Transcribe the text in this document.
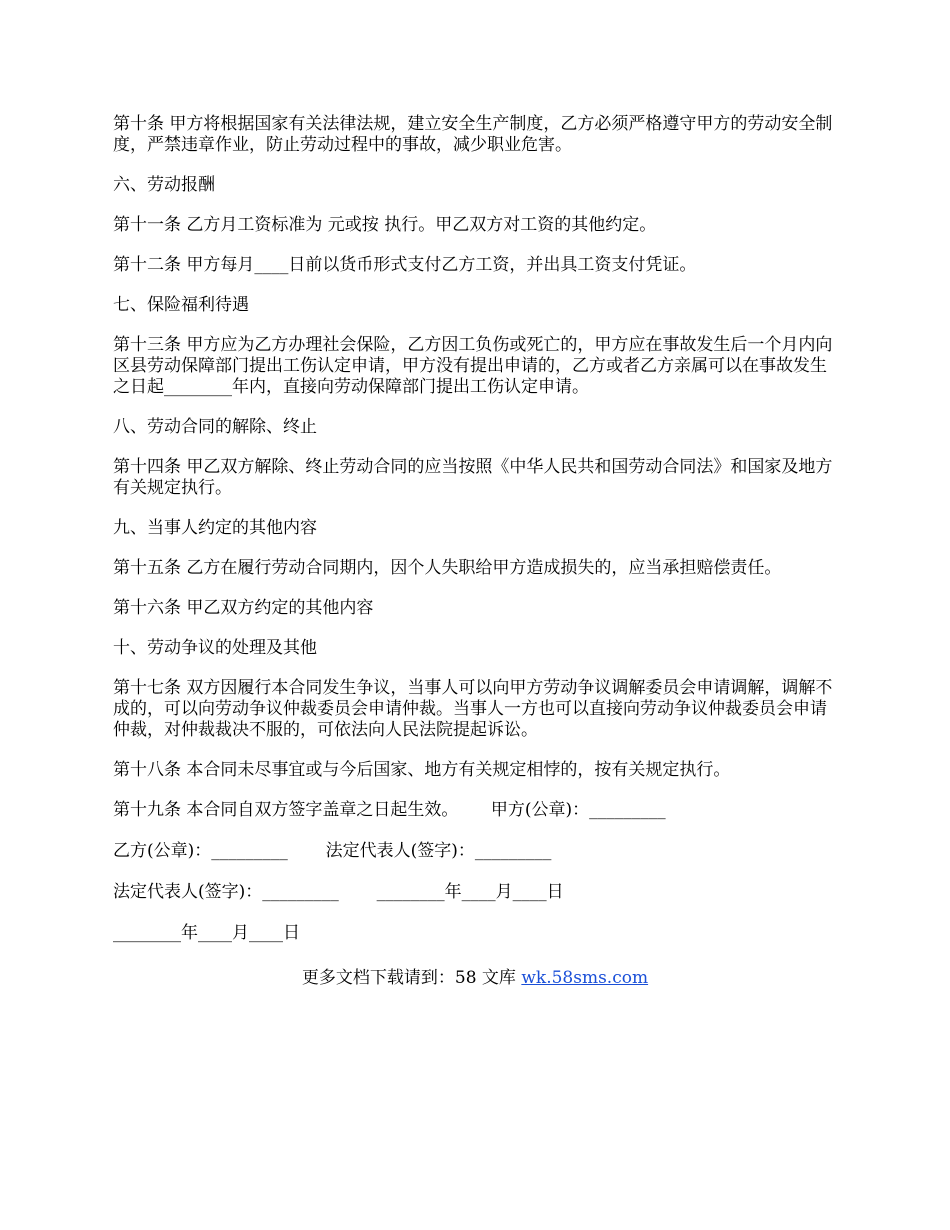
第十条 甲方将根据国家有关法律法规，建立安全生产制度，乙方必须严格遵守甲方的劳动安全制度，严禁违章作业，防止劳动过程中的事故，减少职业危害。

六、劳动报酬

第十一条 乙方月工资标准为 元或按 执行。甲乙双方对工资的其他约定。

第十二条 甲方每月____日前以货币形式支付乙方工资，并出具工资支付凭证。

七、保险福利待遇

第十三条 甲方应为乙方办理社会保险，乙方因工负伤或死亡的，甲方应在事故发生后一个月内向区县劳动保障部门提出工伤认定申请，甲方没有提出申请的，乙方或者乙方亲属可以在事故发生之日起________年内，直接向劳动保障部门提出工伤认定申请。

八、劳动合同的解除、终止

第十四条 甲乙双方解除、终止劳动合同的应当按照《中华人民共和国劳动合同法》和国家及地方有关规定执行。

九、当事人约定的其他内容

第十五条 乙方在履行劳动合同期内，因个人失职给甲方造成损失的，应当承担赔偿责任。

第十六条 甲乙双方约定的其他内容

十、劳动争议的处理及其他

第十七条 双方因履行本合同发生争议，当事人可以向甲方劳动争议调解委员会申请调解，调解不成的，可以向劳动争议仲裁委员会申请仲裁。当事人一方也可以直接向劳动争议仲裁委员会申请仲裁，对仲裁裁决不服的，可依法向人民法院提起诉讼。

第十八条 本合同未尽事宜或与今后国家、地方有关规定相悖的，按有关规定执行。

第十九条 本合同自双方签字盖章之日起生效。      甲方(公章)：_________
乙方(公章)：_________       法定代表人(签字)：_________
法定代表人(签字)：_________       ________年____月____日
________年____月____日
更多文档下载请到：58 文库 wk.58sms.com
